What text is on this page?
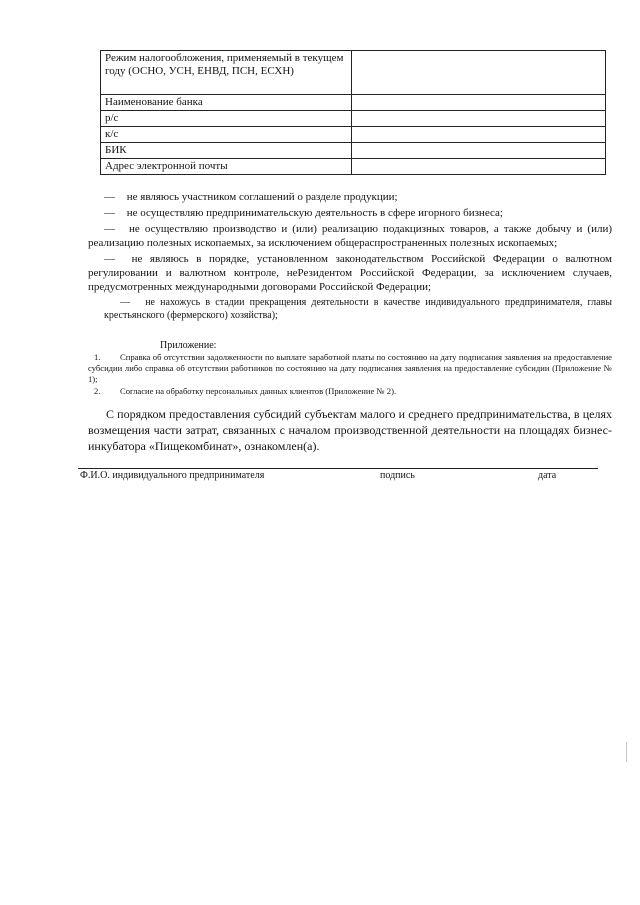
Режим налогообложения, применяемый в текущем году (ОСНО, УСН, ЕНВД, ПСН, ЕСХН)	
Наименование банка	
р/с	
к/с	
БИК	
Адрес электронной почты	

— не являюсь участником соглашений о разделе продукции;

— не осуществляю предпринимательскую деятельность в сфере игорного бизнеса;

— не осуществляю производство и (или) реализацию подакцизных товаров, а также добычу и (или) реализацию полезных ископаемых, за исключением общераспространенных полезных ископаемых;

— не являюсь в порядке, установленном законодательством Российской Федерации о валютном регулировании и валютном контроле, неРезидентом Российской Федерации, за исключением случаев, предусмотренных международными договорами Российской Федерации;

— не нахожусь в стадии прекращения деятельности в качестве индивидуального предпринимателя, главы крестьянского (фермерского) хозяйства);

Приложение:
1. Справка об отсутствии задолженности по выплате заработной платы по состоянию на дату подписания заявления на предоставление субсидии либо справка об отсутствии работников по состоянию на дату подписания заявления на предоставление субсидии (Приложение № 1);
2. Согласие на обработку персональных данных клиентов (Приложение № 2).
С порядком предоставления субсидий субъектам малого и среднего предпринимательства, в целях возмещения части затрат, связанных с началом производственной деятельности на площадях бизнес-инкубатора «Пищекомбинат», ознакомлен(а).
Ф.И.О. индивидуального предпринимателя	подпись	дата
